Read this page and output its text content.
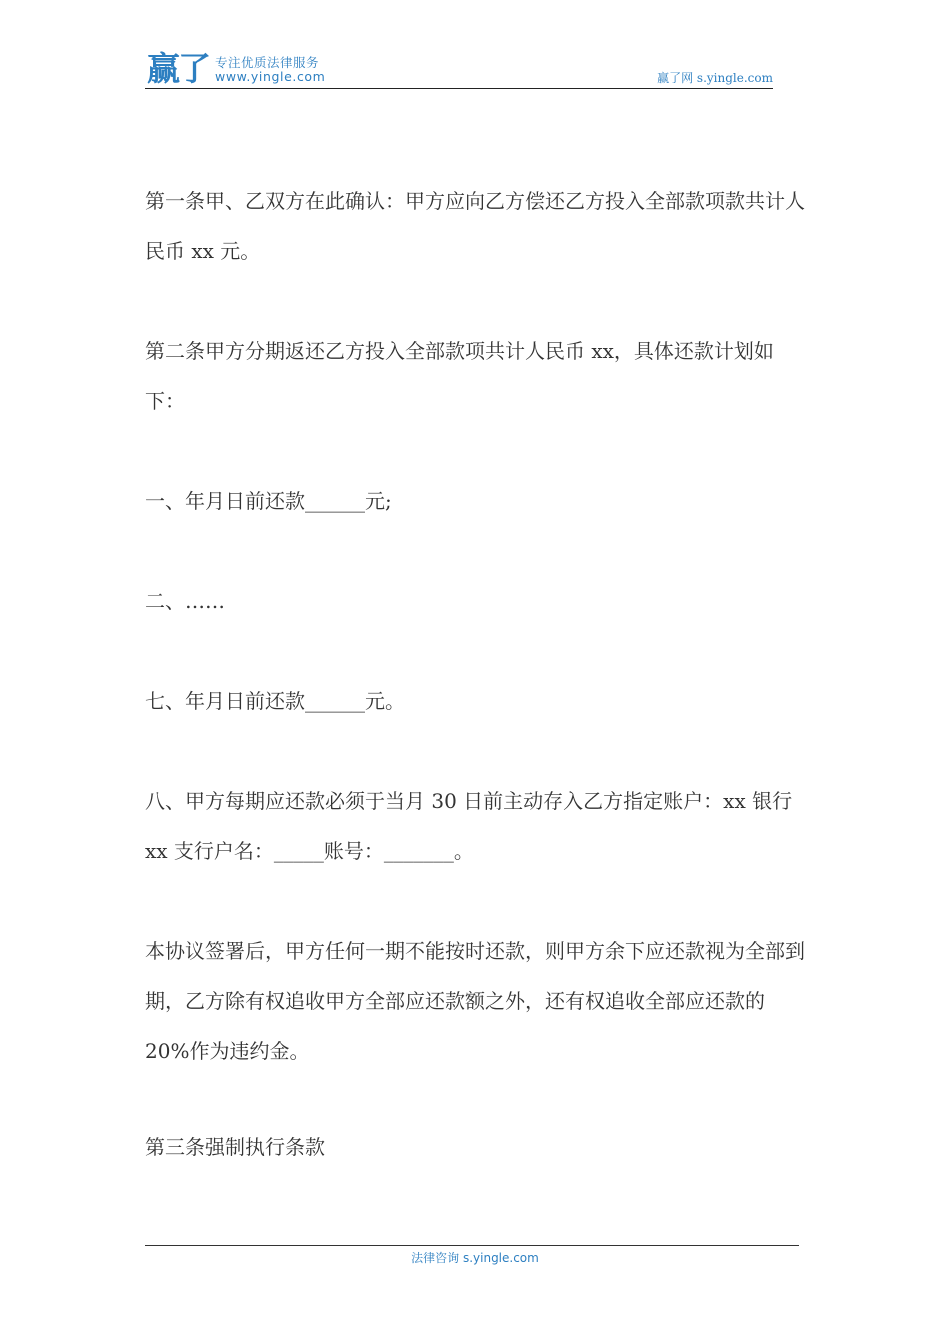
赢了 专注优质法律服务
www.yingle.com	赢了网 s.yingle.com

第一条甲、乙双方在此确认：甲方应向乙方偿还乙方投入全部款项款共计人民币 xx 元。

第二条甲方分期返还乙方投入全部款项共计人民币 xx，具体还款计划如下：

一、年月日前还款______元;

二、……

七、年月日前还款______元。

八、甲方每期应还款必须于当月 30 日前主动存入乙方指定账户：xx 银行 xx 支行户名：_____账号：_______。

本协议签署后，甲方任何一期不能按时还款，则甲方余下应还款视为全部到期，乙方除有权追收甲方全部应还款额之外，还有权追收全部应还款的 20%作为违约金。

第三条强制执行条款

法律咨询 s.yingle.com
